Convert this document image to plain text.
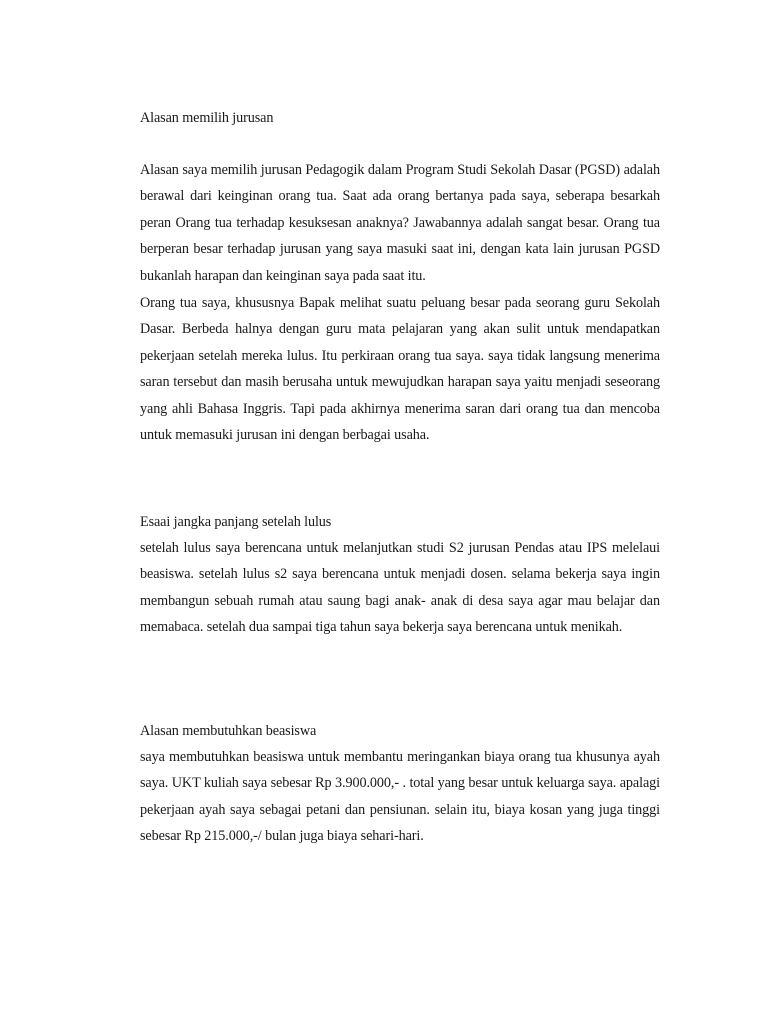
Alasan memilih jurusan

Alasan saya memilih jurusan Pedagogik dalam Program Studi Sekolah Dasar (PGSD) adalah berawal dari keinginan orang tua. Saat ada orang bertanya pada saya, seberapa besarkah peran Orang tua terhadap kesuksesan anaknya? Jawabannya adalah sangat besar. Orang tua berperan besar terhadap jurusan yang saya masuki saat ini, dengan kata lain jurusan PGSD bukanlah harapan dan keinginan saya pada saat itu.

Orang tua saya, khususnya Bapak melihat suatu peluang besar pada seorang guru Sekolah Dasar. Berbeda halnya dengan guru mata pelajaran yang akan sulit untuk mendapatkan pekerjaan setelah mereka lulus. Itu perkiraan orang tua saya. saya tidak langsung menerima saran tersebut dan masih berusaha untuk mewujudkan harapan saya yaitu menjadi seseorang yang ahli Bahasa Inggris. Tapi pada akhirnya menerima saran dari orang tua dan mencoba untuk memasuki jurusan ini dengan berbagai usaha.

Esaai jangka panjang setelah lulus

setelah lulus saya berencana untuk melanjutkan studi S2 jurusan Pendas atau IPS melelaui beasiswa. setelah lulus s2 saya berencana untuk menjadi dosen. selama bekerja saya ingin membangun sebuah rumah atau saung bagi anak- anak di desa saya agar mau belajar dan memabaca. setelah dua sampai tiga tahun saya bekerja saya berencana untuk menikah.

Alasan membutuhkan beasiswa

saya membutuhkan beasiswa untuk membantu meringankan biaya orang tua khusunya ayah saya. UKT kuliah saya sebesar Rp 3.900.000,- . total yang besar untuk keluarga saya. apalagi pekerjaan ayah saya sebagai petani dan pensiunan. selain itu, biaya kosan yang juga tinggi sebesar Rp 215.000,-/ bulan juga biaya sehari-hari.
